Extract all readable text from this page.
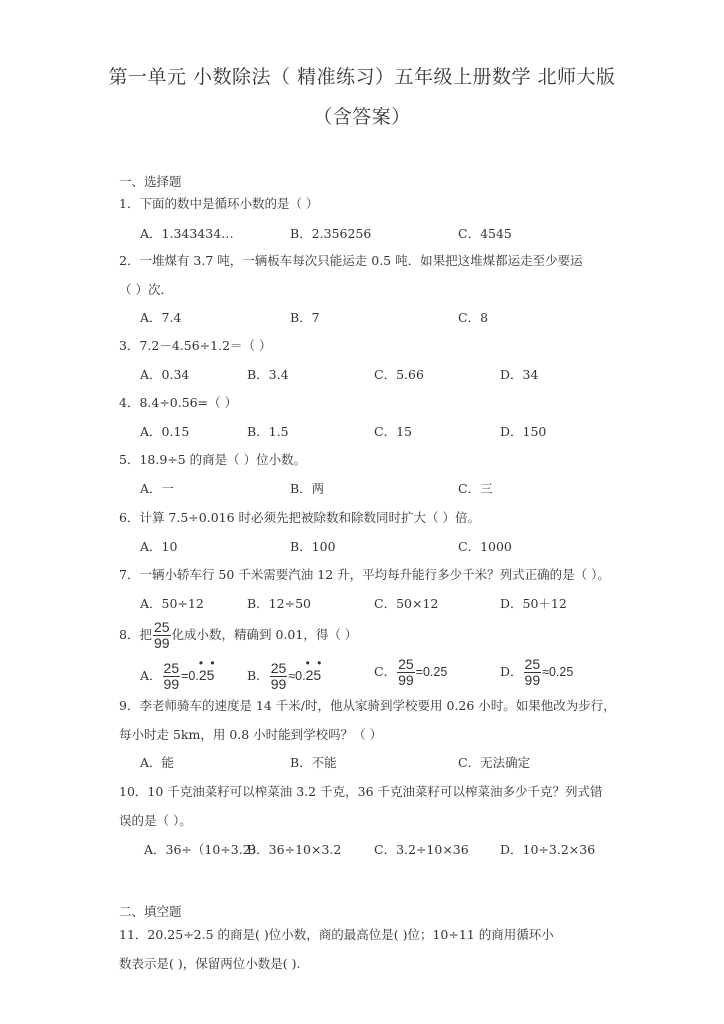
第一单元 小数除法（ 精准练习）五年级上册数学 北师大版
（含答案）
一、选择题
1．下面的数中是循环小数的是（ ）
A．1.343434…	B．2.356256	C．4545
2．一堆煤有 3.7 吨，一辆板车每次只能运走 0.5 吨．如果把这堆煤都运走至少要运
（ ）次．
A．7.4	B．7	C．8
3．7.2－4.56÷1.2＝（ ）
A．0.34	B．3.4	C．5.66	D．34
4．8.4÷0.56=（ ）
A．0.15	B．1.5	C．15	D．150
5．18.9÷5 的商是（ ）位小数。
A．一	B．两	C．三
6．计算 7.5÷0.016 时必须先把被除数和除数同时扩大（ ）倍。
A．10	B．100	C．1000
7．一辆小轿车行 50 千米需要汽油 12 升，平均每升能行多少千米？列式正确的是（ ）。
A．50÷12	B．12÷50	C．50×12	D．50＋12
8．把 $\frac{25}{99}$ 化成小数，精确到 0.01，得（ ）
A． $\frac{25}{99} =0$.
• •
25	B． $\frac{25}{99} \approx 0$.
• •
25	C． $\frac{25}{99} =0.25$	D． $\frac{25}{99} \approx 0.25$
9．李老师骑车的速度是 14 千米/时，他从家骑到学校要用 0.26 小时。如果他改为步行，
每小时走 5km，用 0.8 小时能到学校吗？（ ）
A．能	B．不能	C．无法确定
10．10 千克油菜籽可以榨菜油 3.2 千克，36 千克油菜籽可以榨菜油多少千克？列式错
误的是（ ）。
A．36÷（10÷3.2）
B．36÷10×3.2	C．3.2÷10×36	D．10÷3.2×36
二、填空题
11．20.25÷2.5 的商是( )位小数，商的最高位是( )位；10÷11 的商用循环小
数表示是( )，保留两位小数是( ).
